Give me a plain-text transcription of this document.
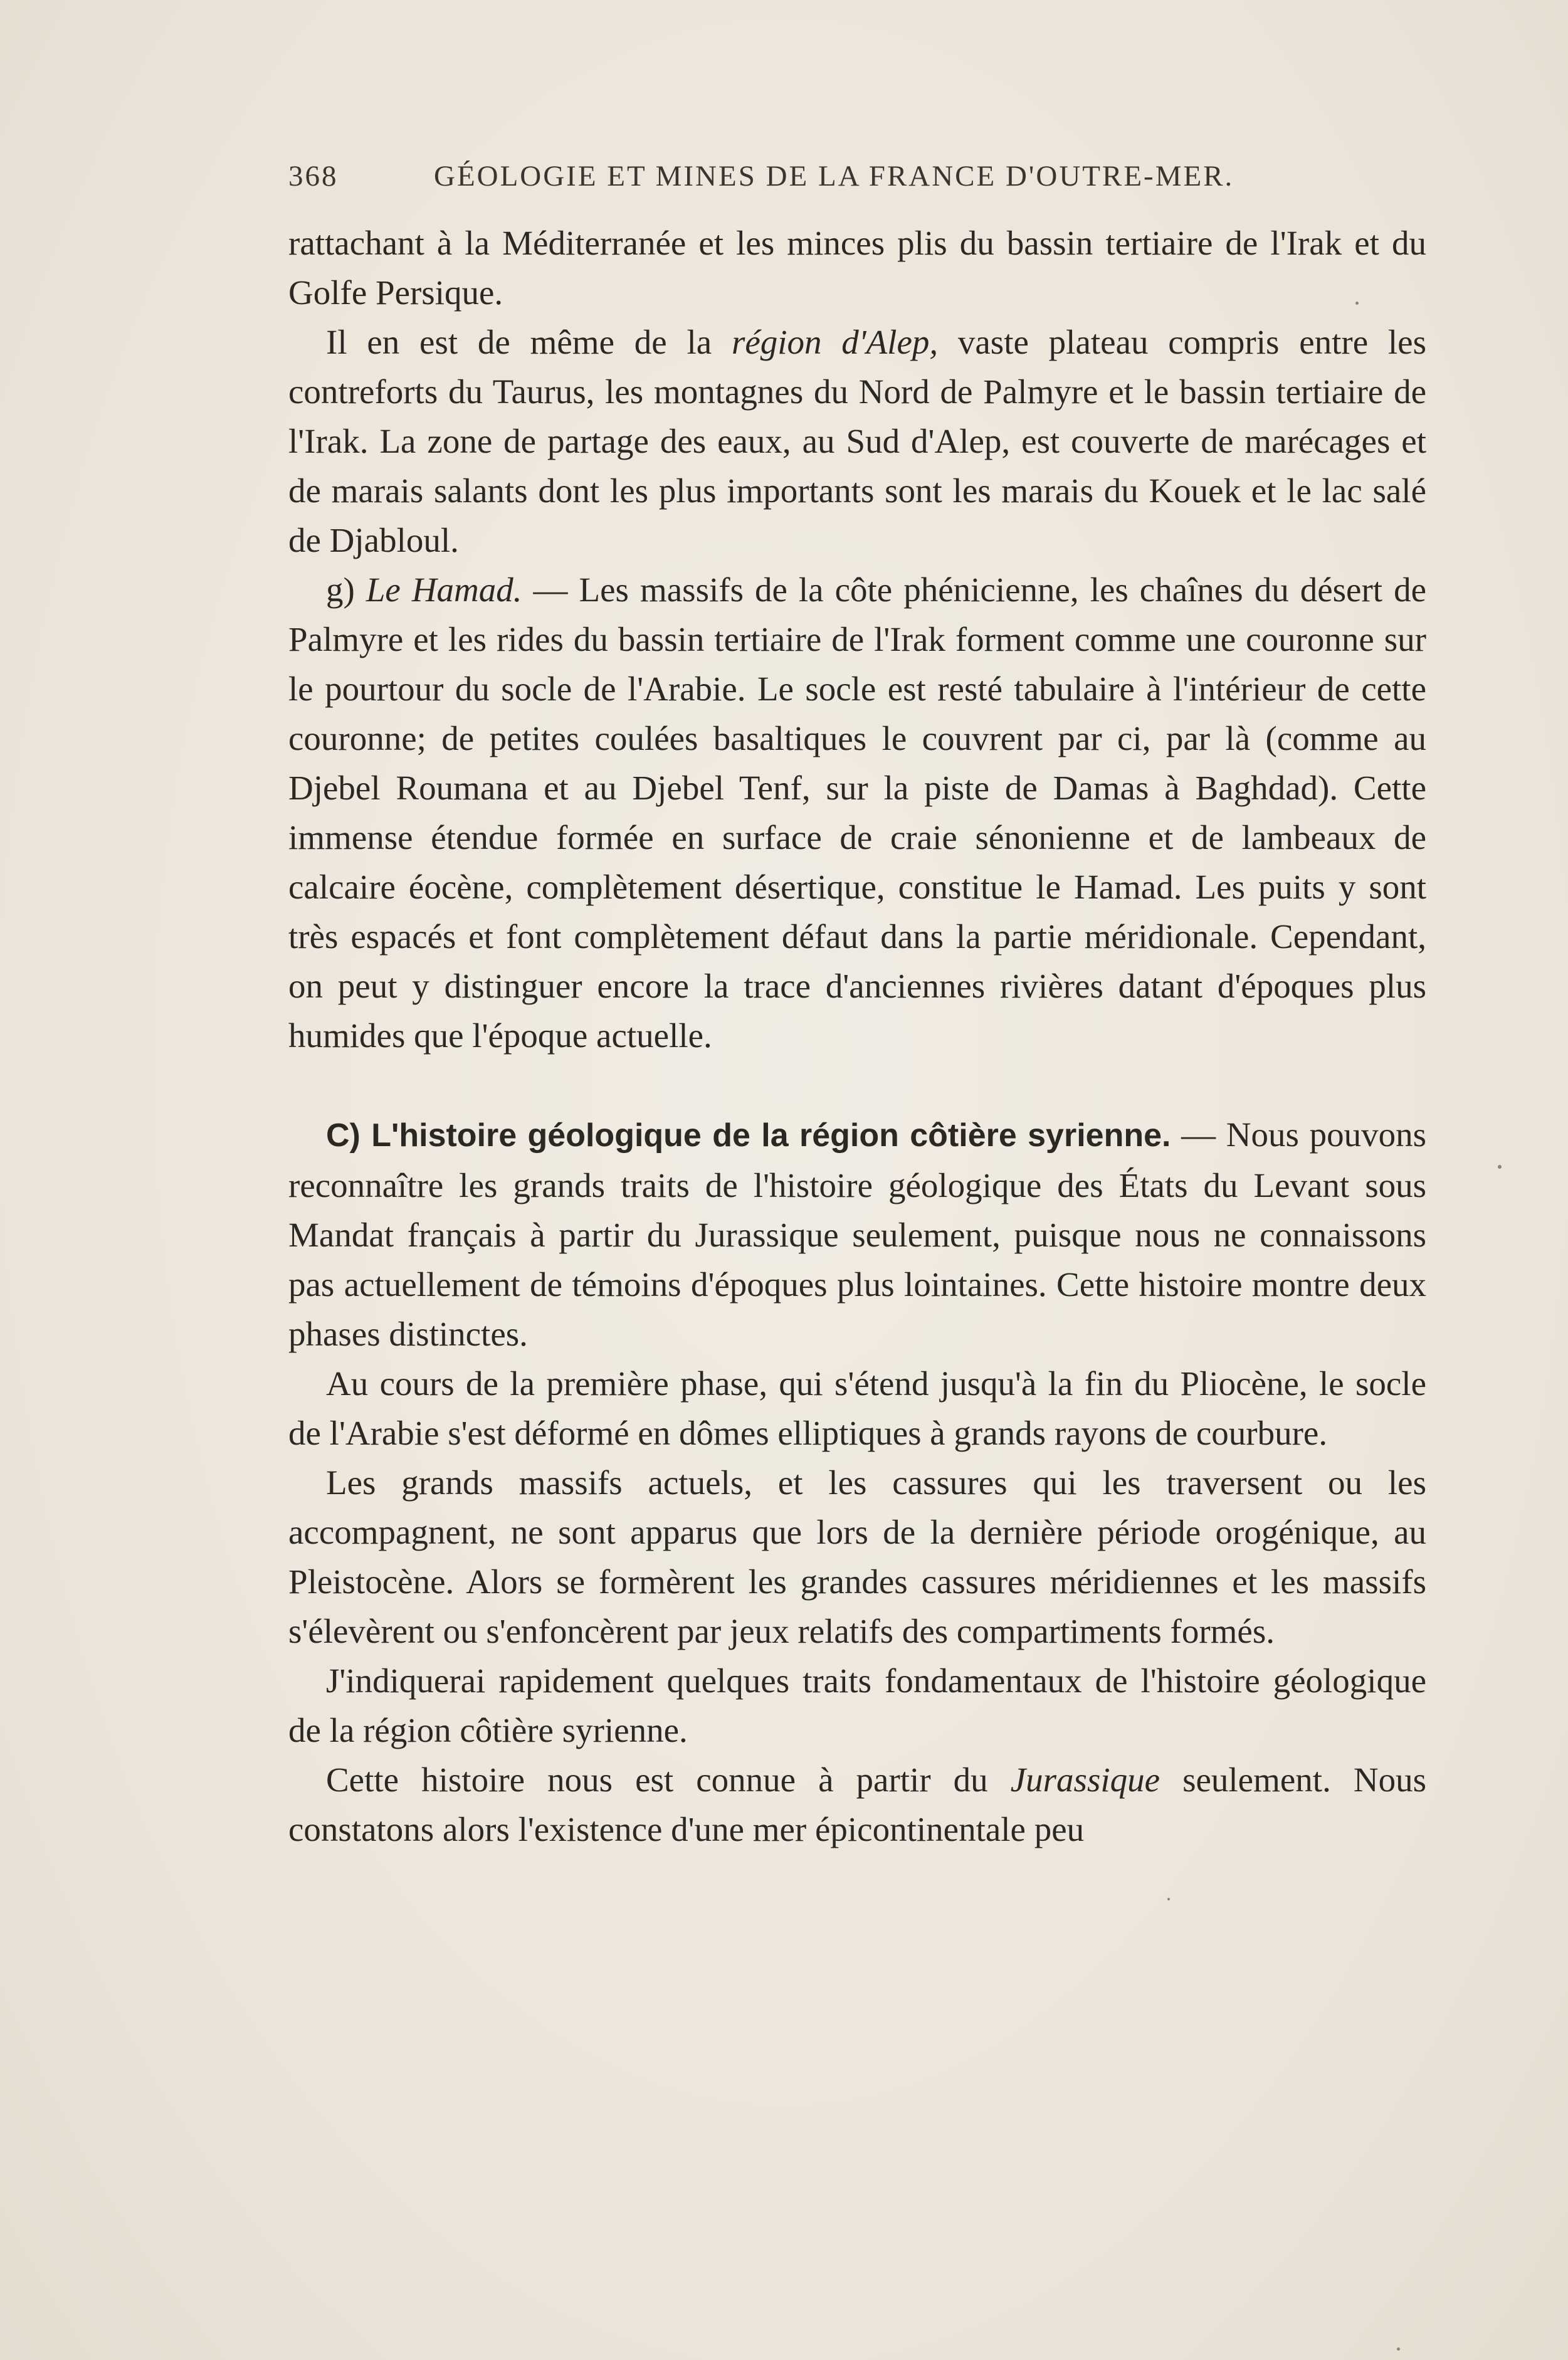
368	GÉOLOGIE ET MINES DE LA FRANCE D'OUTRE-MER.

rattachant à la Méditerranée et les minces plis du bassin tertiaire de l'Irak et du Golfe Persique.

Il en est de même de la région d'Alep, vaste plateau compris entre les contreforts du Taurus, les montagnes du Nord de Palmyre et le bassin tertiaire de l'Irak. La zone de partage des eaux, au Sud d'Alep, est couverte de marécages et de marais salants dont les plus importants sont les marais du Kouek et le lac salé de Djabloul.

g) Le Hamad. — Les massifs de la côte phénicienne, les chaînes du désert de Palmyre et les rides du bassin tertiaire de l'Irak forment comme une couronne sur le pourtour du socle de l'Arabie. Le socle est resté tabulaire à l'intérieur de cette couronne; de petites coulées basaltiques le couvrent par ci, par là (comme au Djebel Roumana et au Djebel Tenf, sur la piste de Damas à Baghdad). Cette immense étendue formée en surface de craie sénonienne et de lambeaux de calcaire éocène, complètement désertique, constitue le Hamad. Les puits y sont très espacés et font complètement défaut dans la partie méridionale. Cependant, on peut y distinguer encore la trace d'anciennes rivières datant d'époques plus humides que l'époque actuelle.

C) L'histoire géologique de la région côtière syrienne. — Nous pouvons reconnaître les grands traits de l'histoire géologique des États du Levant sous Mandat français à partir du Jurassique seulement, puisque nous ne connaissons pas actuellement de témoins d'époques plus lointaines. Cette histoire montre deux phases distinctes.

Au cours de la première phase, qui s'étend jusqu'à la fin du Pliocène, le socle de l'Arabie s'est déformé en dômes elliptiques à grands rayons de courbure.

Les grands massifs actuels, et les cassures qui les traversent ou les accompagnent, ne sont apparus que lors de la dernière période orogénique, au Pleistocène. Alors se formèrent les grandes cassures méridiennes et les massifs s'élevèrent ou s'enfoncèrent par jeux relatifs des compartiments formés.

J'indiquerai rapidement quelques traits fondamentaux de l'histoire géologique de la région côtière syrienne.

Cette histoire nous est connue à partir du Jurassique seulement. Nous constatons alors l'existence d'une mer épicontinentale peu
